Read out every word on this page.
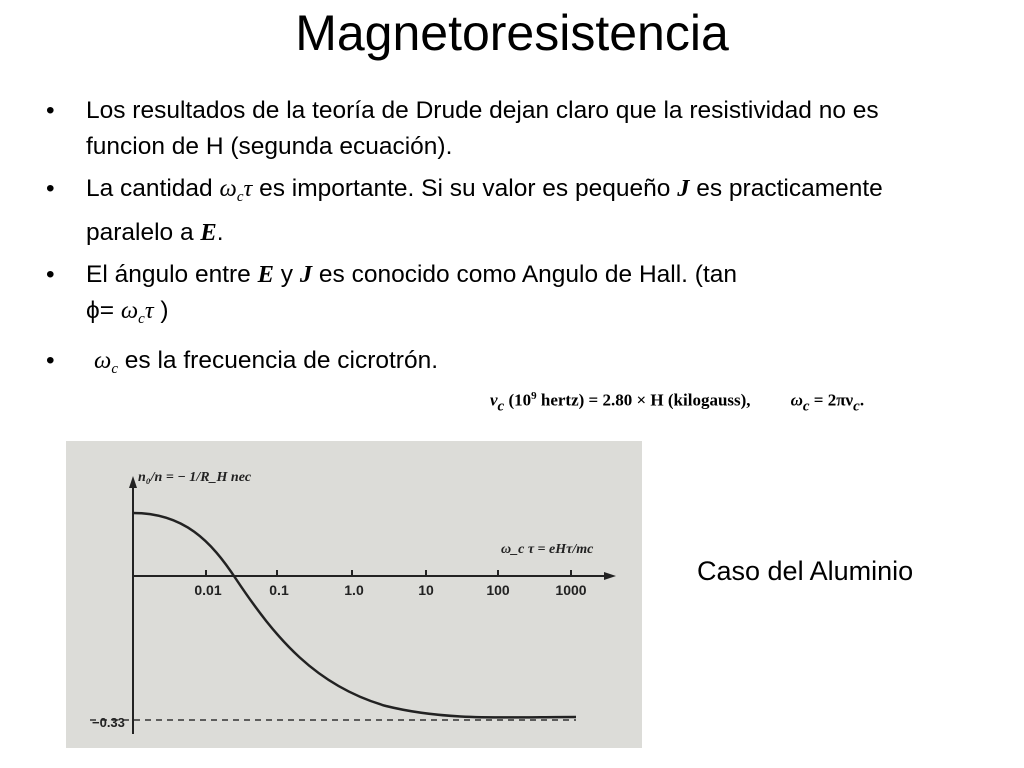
Magnetoresistencia
• Los resultados de la teoría de Drude dejan claro que la resistividad no es funcion de H (segunda ecuación).
• La cantidad $\omega_c\tau$ es importante. Si su valor es pequeño J es practicamente paralelo a E.
• El ángulo entre E y J es conocido como Angulo de Hall. (tan
$\phi= \omega_c\tau$ )
• $\omega_c$ es la frecuencia de cicrotrón.
νc ($10^9$ hertz) = 2.80 × H (kilogauss), ωc = 2πνc.
n₀/n = − 1/R_H nec
ω_c τ = eHτ/mc
0.01	0.1	1.0	10	100	1000
−0.33
Caso del Aluminio
